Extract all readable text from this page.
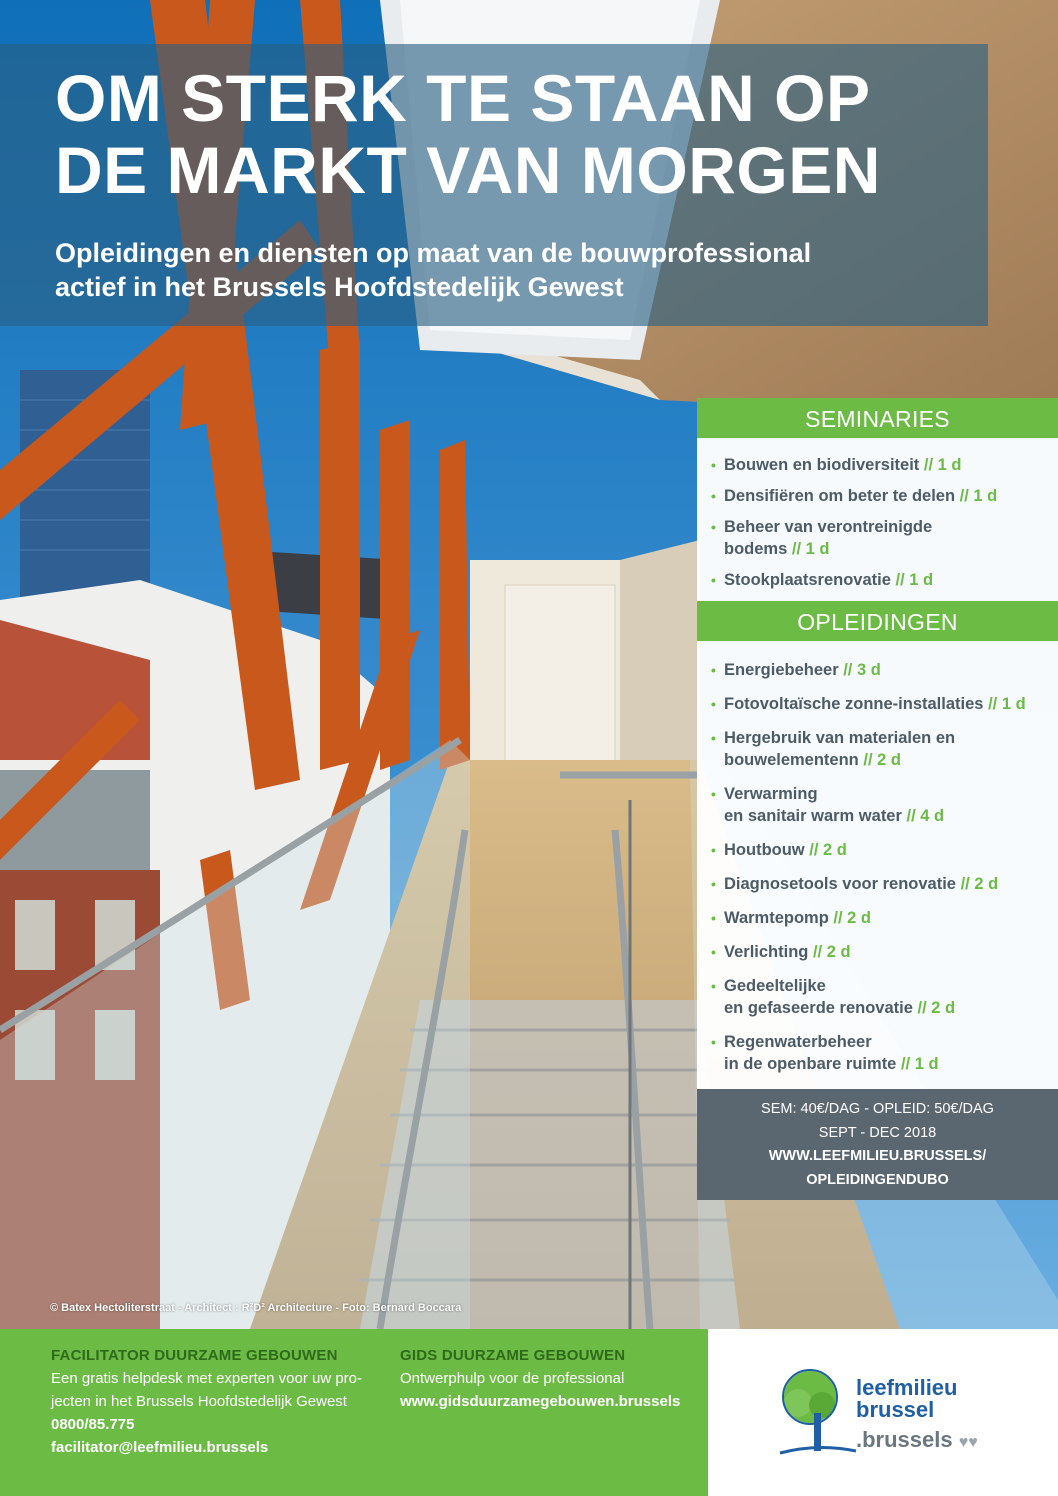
OM STERK TE STAAN OP
DE MARKT VAN MORGEN

Opleidingen en diensten op maat van de bouwprofessional
actief in het Brussels Hoofdstedelijk Gewest

SEMINARIES
• Bouwen en biodiversiteit // 1 d
• Densifiëren om beter te delen // 1 d
• Beheer van verontreinigde
bodems // 1 d
• Stookplaatsrenovatie // 1 d
OPLEIDINGEN
• Energiebeheer // 3 d
• Fotovoltaïsche zonne-installaties // 1 d
• Hergebruik van materialen en
bouwelementenn // 2 d
• Verwarming
en sanitair warm water // 4 d
• Houtbouw // 2 d
• Diagnosetools voor renovatie // 2 d
• Warmtepomp // 2 d
• Verlichting // 2 d
• Gedeeltelijke
en gefaseerde renovatie // 2 d
• Regenwaterbeheer
in de openbare ruimte // 1 d
SEM: 40€/DAG - OPLEID: 50€/DAG
SEPT - DEC 2018
WWW.LEEFMILIEU.BRUSSELS/
OPLEIDINGENDUBO
© Batex Hectoliterstraat - Architect : R²D² Architecture - Foto: Bernard Boccara
FACILITATOR DUURZAME GEBOUWEN
Een gratis helpdesk met experten voor uw pro-
jecten in het Brussels Hoofdstedelijk Gewest
0800/85.775
facilitator@leefmilieu.brussels
GIDS DUURZAME GEBOUWEN
Ontwerphulp voor de professional
www.gidsduurzamegebouwen.brussels
leefmilieu
brussel
.brussels ♥♥
